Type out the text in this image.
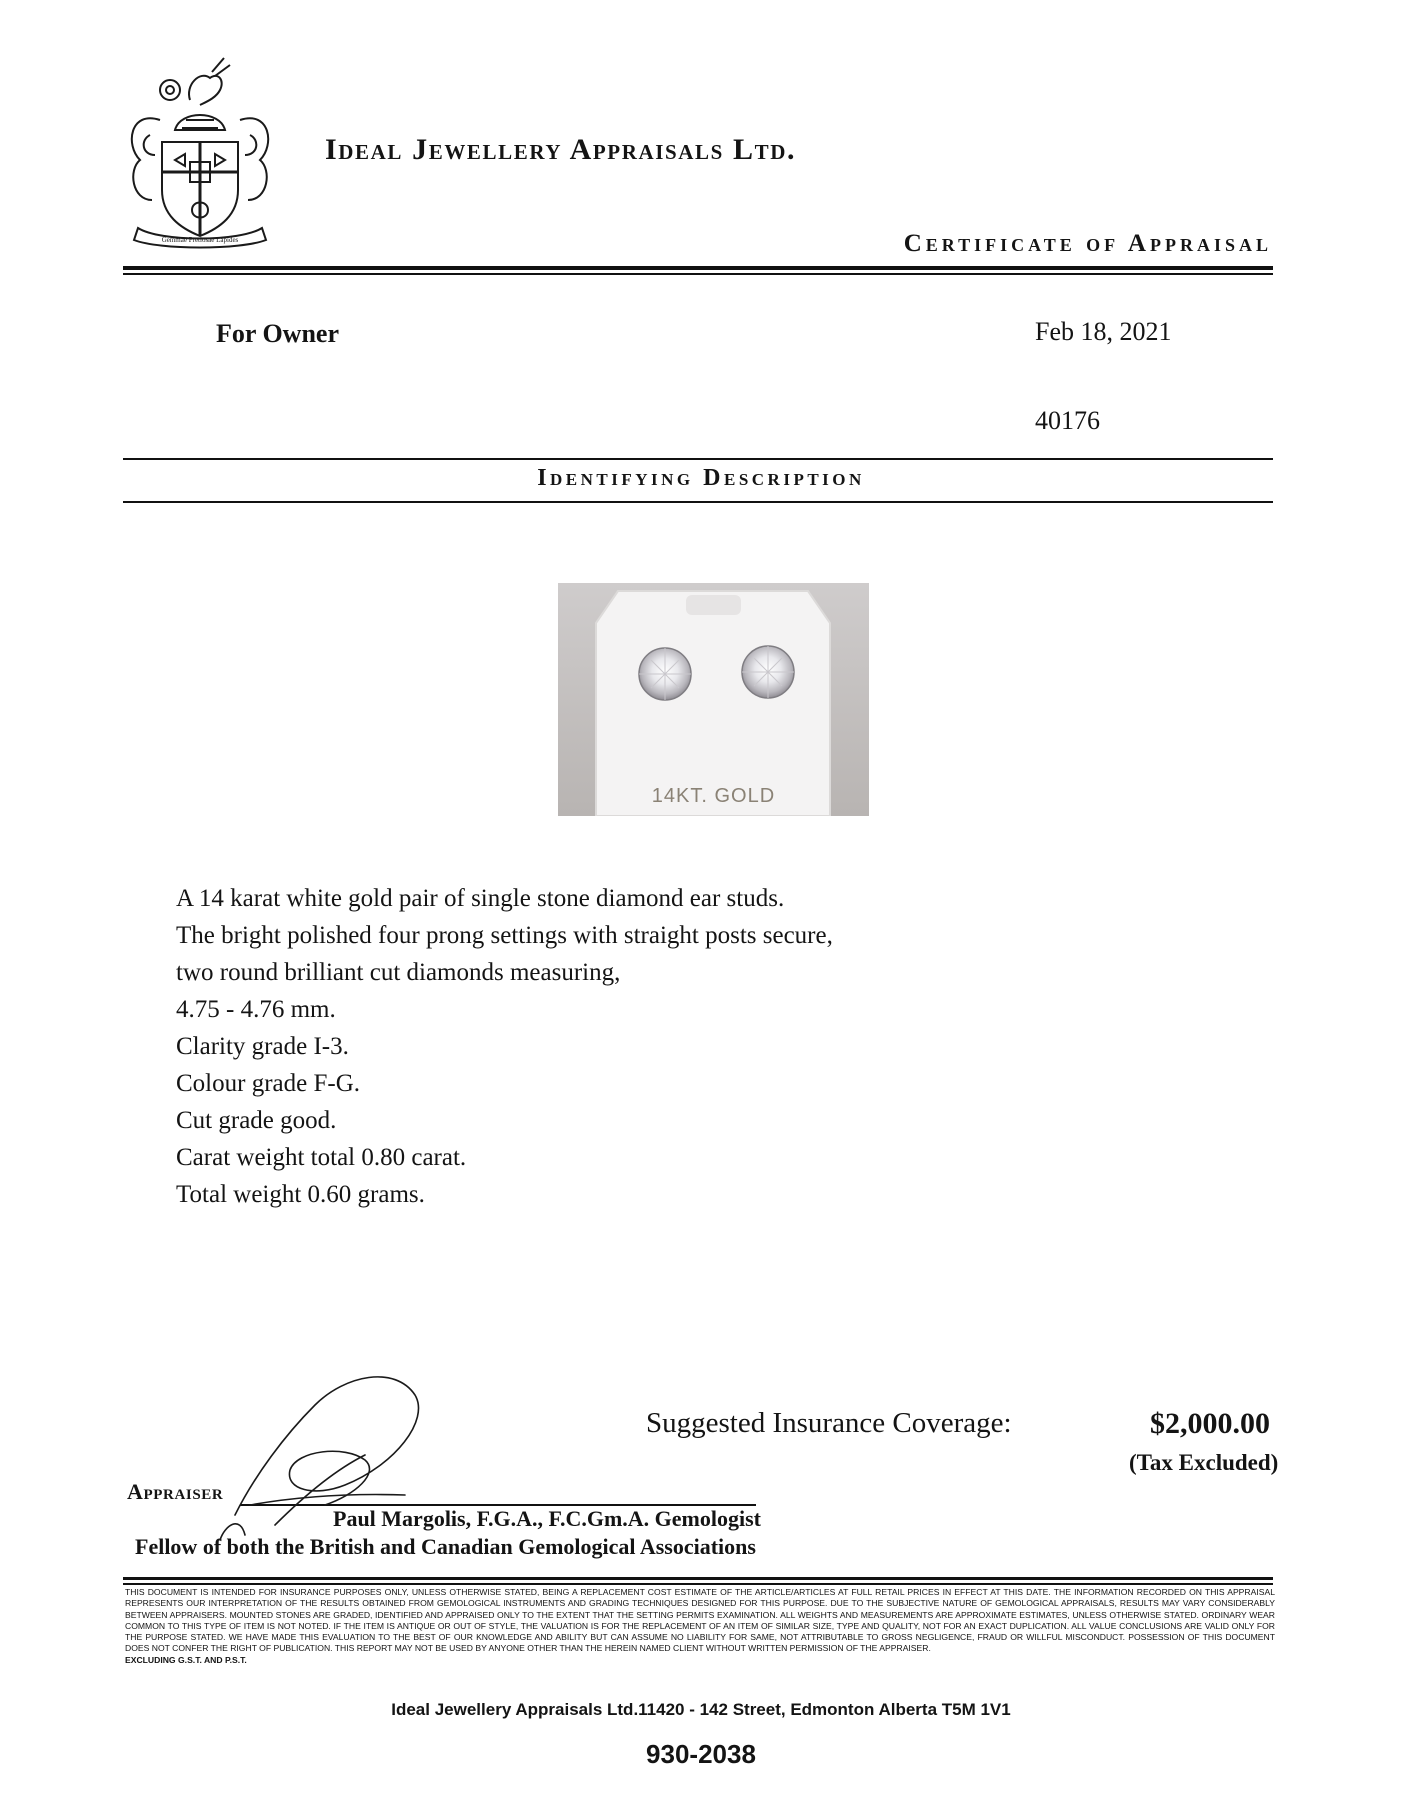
Gemmae Pretiosae Lapides
Ideal Jewellery Appraisals Ltd.
Certificate of Appraisal
For Owner	Feb 18, 2021
40176
Identifying Description
14KT. GOLD

A 14 karat white gold pair of single stone diamond ear studs.
The bright polished four prong settings with straight posts secure,
two round brilliant cut diamonds measuring,
4.75 - 4.76 mm.
Clarity grade I-3.
Colour grade F-G.
Cut grade good.
Carat weight total 0.80 carat.
Total weight 0.60 grams.

Suggested Insurance Coverage:	$2,000.00
(Tax Excluded)
Appraiser
Paul Margolis, F.G.A., F.C.Gm.A. Gemologist
Fellow of both the British and Canadian Gemological Associations

THIS DOCUMENT IS INTENDED FOR INSURANCE PURPOSES ONLY, UNLESS OTHERWISE STATED, BEING A REPLACEMENT COST ESTIMATE OF THE ARTICLE/ARTICLES AT FULL RETAIL PRICES IN EFFECT AT THIS DATE. THE INFORMATION RECORDED ON THIS APPRAISAL REPRESENTS OUR INTERPRETATION OF THE RESULTS OBTAINED FROM GEMOLOGICAL INSTRUMENTS AND GRADING TECHNIQUES DESIGNED FOR THIS PURPOSE. DUE TO THE SUBJECTIVE NATURE OF GEMOLOGICAL APPRAISALS, RESULTS MAY VARY CONSIDERABLY BETWEEN APPRAISERS. MOUNTED STONES ARE GRADED, IDENTIFIED AND APPRAISED ONLY TO THE EXTENT THAT THE SETTING PERMITS EXAMINATION. ALL WEIGHTS AND MEASUREMENTS ARE APPROXIMATE ESTIMATES, UNLESS OTHERWISE STATED. ORDINARY WEAR COMMON TO THIS TYPE OF ITEM IS NOT NOTED. IF THE ITEM IS ANTIQUE OR OUT OF STYLE, THE VALUATION IS FOR THE REPLACEMENT OF AN ITEM OF SIMILAR SIZE, TYPE AND QUALITY, NOT FOR AN EXACT DUPLICATION. ALL VALUE CONCLUSIONS ARE VALID ONLY FOR THE PURPOSE STATED. WE HAVE MADE THIS EVALUATION TO THE BEST OF OUR KNOWLEDGE AND ABILITY BUT CAN ASSUME NO LIABILITY FOR SAME, NOT ATTRIBUTABLE TO GROSS NEGLIGENCE, FRAUD OR WILLFUL MISCONDUCT. POSSESSION OF THIS DOCUMENT DOES NOT CONFER THE RIGHT OF PUBLICATION. THIS REPORT MAY NOT BE USED BY ANYONE OTHER THAN THE HEREIN NAMED CLIENT WITHOUT WRITTEN PERMISSION OF THE APPRAISER.
EXCLUDING G.S.T. AND P.S.T.

Ideal Jewellery Appraisals Ltd.11420 - 142 Street, Edmonton Alberta T5M 1V1
930-2038
